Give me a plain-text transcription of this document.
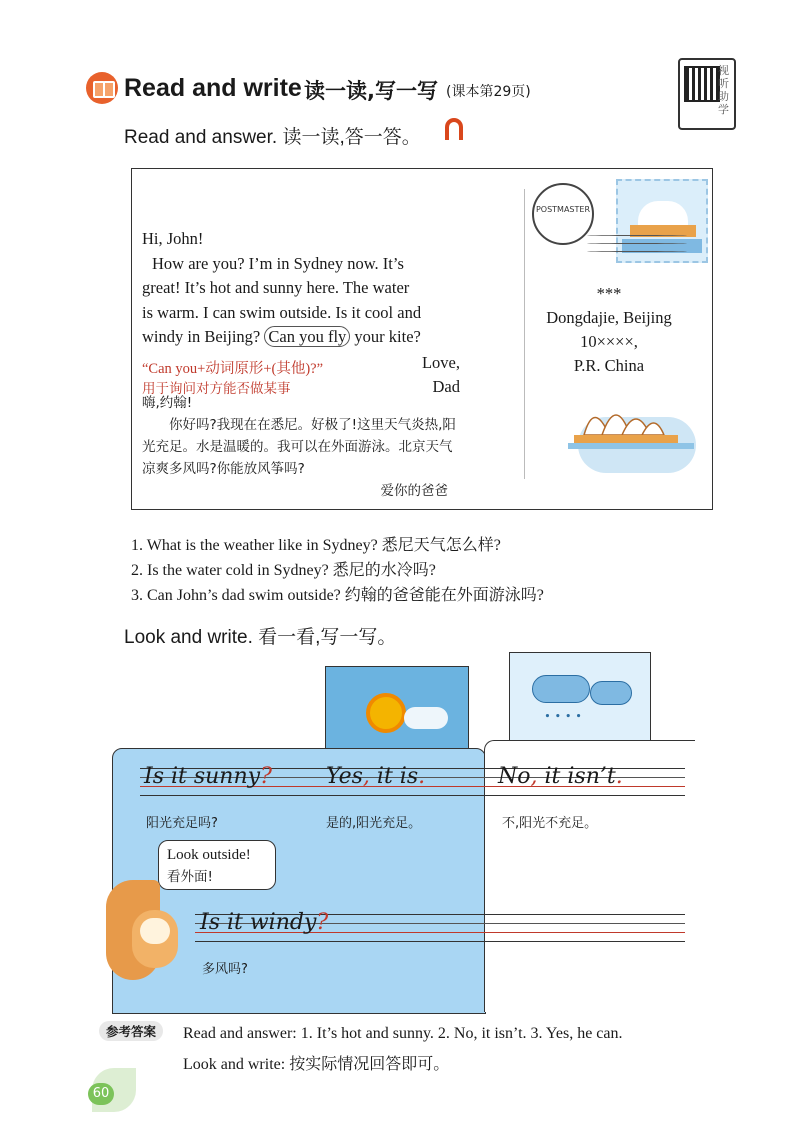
Read and write 读一读,写一写 (课本第29页)
视听助学
Read and answer. 读一读,答一答。
Hi, John!
How are you? I’m in Sydney now. It’s
great! It’s hot and sunny here. The water
is warm. I can swim outside. Is it cool and
windy in Beijing? Can you fly your kite?
“Can you+动词原形+(其他)?”
用于询问对方能否做某事
Love,
Dad
嗨,约翰!
你好吗?我现在在悉尼。好极了!这里天气炎热,阳光充足。水是温暖的。我可以在外面游泳。北京天气凉爽多风吗?你能放风筝吗?
爱你的爸爸
POSTMASTER
***
Dongdajie, Beijing
10××××,
P.R. China
1. What is the weather like in Sydney? 悉尼天气怎么样?
2. Is the water cold in Sydney? 悉尼的水冷吗?
3. Can John’s dad swim outside? 约翰的爸爸能在外面游泳吗?
Look and write. 看一看,写一写。
∙ ∙ ∙ ∙
Is it sunny? Yes, it is.	No, it isn’t.
阳光充足吗?	是的,阳光充足。	不,阳光不充足。
Look outside!
看外面!
Is it windy?
多风吗?
参考答案	Read and answer: 1. It’s hot and sunny. 2. No, it isn’t. 3. Yes, he can.
Look and write: 按实际情况回答即可。
60
